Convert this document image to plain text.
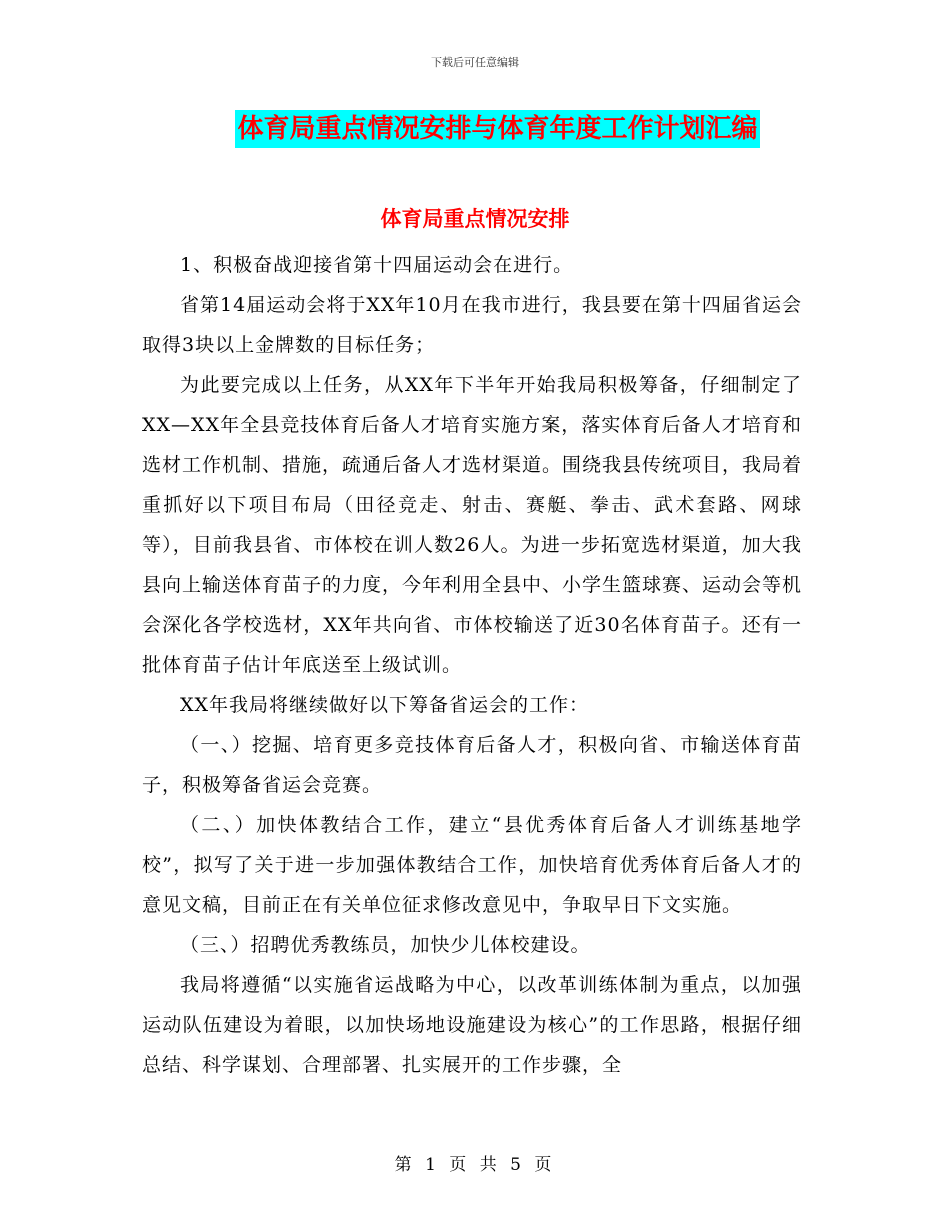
下载后可任意编辑
体育局重点情况安排与体育年度工作计划汇编
体育局重点情况安排

1、积极奋战迎接省第十四届运动会在进行。

省第14届运动会将于XX年10月在我市进行，我县要在第十四届省运会取得3块以上金牌数的目标任务；

为此要完成以上任务，从XX年下半年开始我局积极筹备，仔细制定了XX—XX年全县竞技体育后备人才培育实施方案，落实体育后备人才培育和选材工作机制、措施，疏通后备人才选材渠道。围绕我县传统项目，我局着重抓好以下项目布局（田径竞走、射击、赛艇、拳击、武术套路、网球等），目前我县省、市体校在训人数26人。为进一步拓宽选材渠道，加大我县向上输送体育苗子的力度，今年利用全县中、小学生篮球赛、运动会等机会深化各学校选材，XX年共向省、市体校输送了近30名体育苗子。还有一批体育苗子估计年底送至上级试训。

XX年我局将继续做好以下筹备省运会的工作：

（一、）挖掘、培育更多竞技体育后备人才，积极向省、市输送体育苗子，积极筹备省运会竞赛。

（二、）加快体教结合工作，建立“县优秀体育后备人才训练基地学校”，拟写了关于进一步加强体教结合工作，加快培育优秀体育后备人才的意见文稿，目前正在有关单位征求修改意见中，争取早日下文实施。

（三、）招聘优秀教练员，加快少儿体校建设。

我局将遵循“以实施省运战略为中心，以改革训练体制为重点，以加强运动队伍建设为着眼，以加快场地设施建设为核心”的工作思路，根据仔细总结、科学谋划、合理部署、扎实展开的工作步骤，全

第 1 页 共 5 页
